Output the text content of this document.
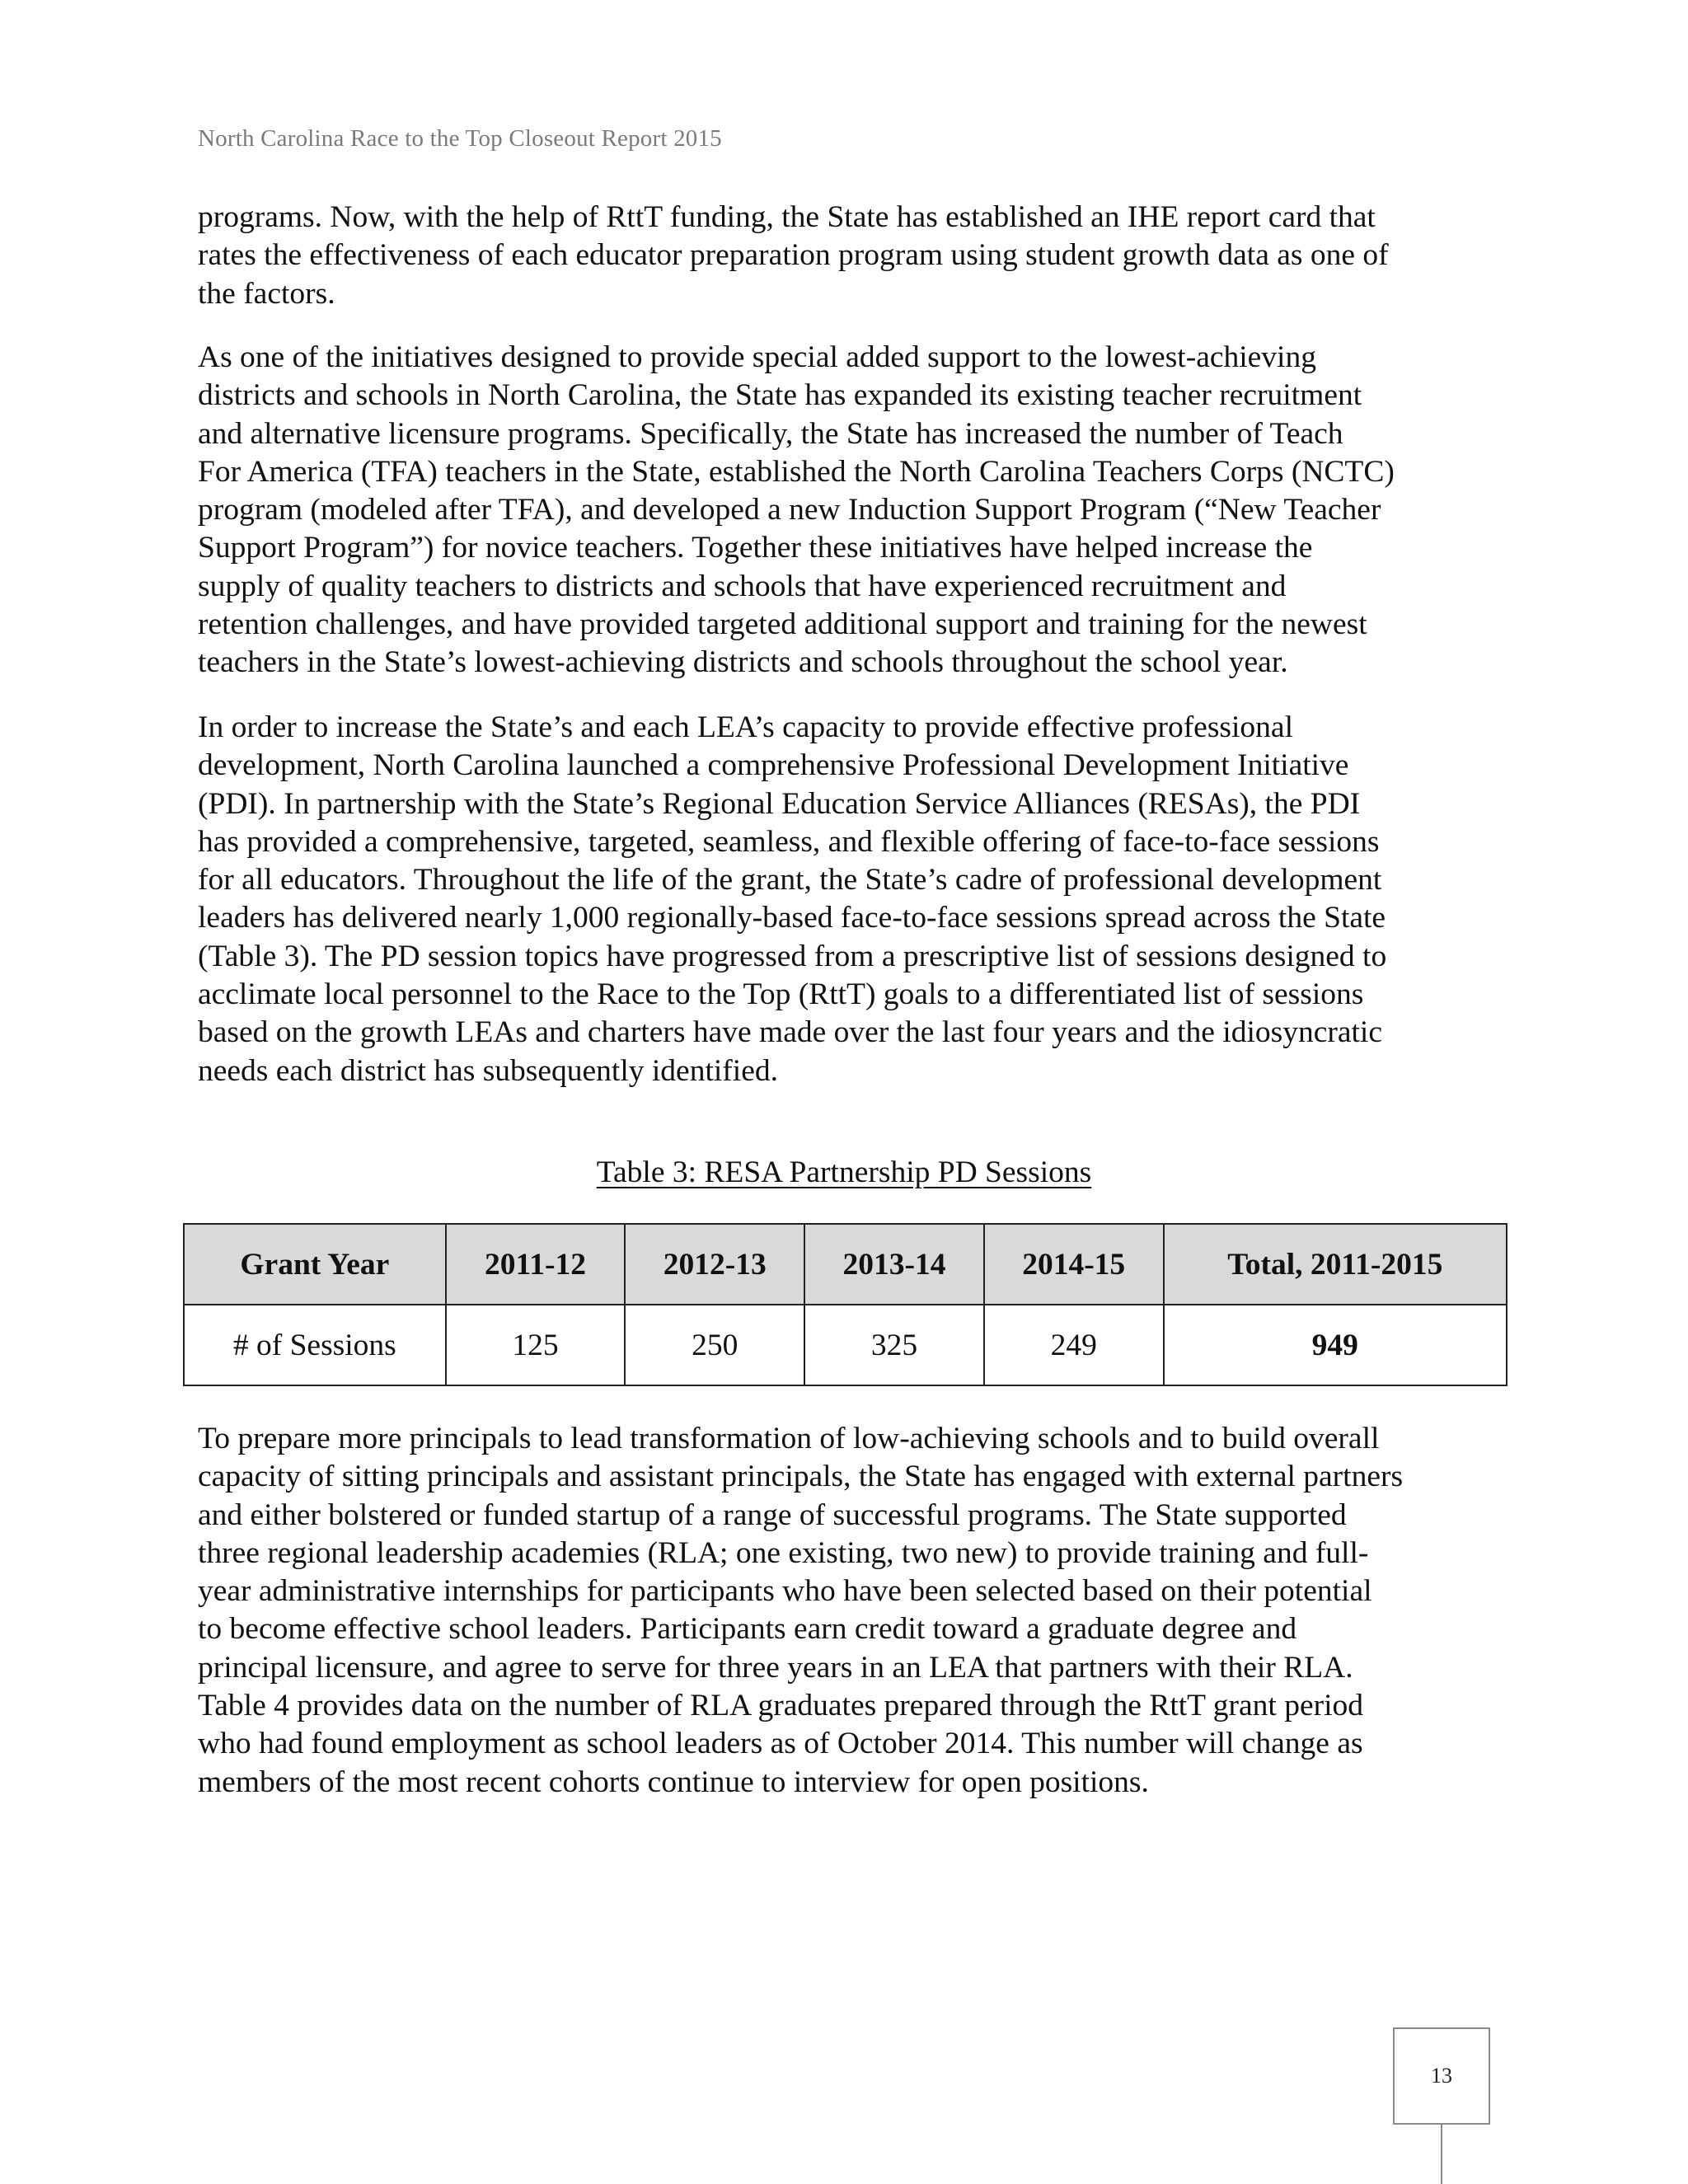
North Carolina Race to the Top Closeout Report 2015

programs. Now, with the help of RttT funding, the State has established an IHE report card that
rates the effectiveness of each educator preparation program using student growth data as one of
the factors.

As one of the initiatives designed to provide special added support to the lowest-achieving
districts and schools in North Carolina, the State has expanded its existing teacher recruitment
and alternative licensure programs. Specifically, the State has increased the number of Teach
For America (TFA) teachers in the State, established the North Carolina Teachers Corps (NCTC)
program (modeled after TFA), and developed a new Induction Support Program (“New Teacher
Support Program”) for novice teachers. Together these initiatives have helped increase the
supply of quality teachers to districts and schools that have experienced recruitment and
retention challenges, and have provided targeted additional support and training for the newest
teachers in the State’s lowest-achieving districts and schools throughout the school year.

In order to increase the State’s and each LEA’s capacity to provide effective professional
development, North Carolina launched a comprehensive Professional Development Initiative
(PDI). In partnership with the State’s Regional Education Service Alliances (RESAs), the PDI
has provided a comprehensive, targeted, seamless, and flexible offering of face-to-face sessions
for all educators. Throughout the life of the grant, the State’s cadre of professional development
leaders has delivered nearly 1,000 regionally-based face-to-face sessions spread across the State
(Table 3). The PD session topics have progressed from a prescriptive list of sessions designed to
acclimate local personnel to the Race to the Top (RttT) goals to a differentiated list of sessions
based on the growth LEAs and charters have made over the last four years and the idiosyncratic
needs each district has subsequently identified.

Table 3: RESA Partnership PD Sessions
Grant Year	2011-12	2012-13	2013-14	2014-15	Total, 2011-2015
# of Sessions	125	250	325	249	949

To prepare more principals to lead transformation of low-achieving schools and to build overall
capacity of sitting principals and assistant principals, the State has engaged with external partners
and either bolstered or funded startup of a range of successful programs. The State supported
three regional leadership academies (RLA; one existing, two new) to provide training and full-
year administrative internships for participants who have been selected based on their potential
to become effective school leaders. Participants earn credit toward a graduate degree and
principal licensure, and agree to serve for three years in an LEA that partners with their RLA.
Table 4 provides data on the number of RLA graduates prepared through the RttT grant period
who had found employment as school leaders as of October 2014. This number will change as
members of the most recent cohorts continue to interview for open positions.

13
